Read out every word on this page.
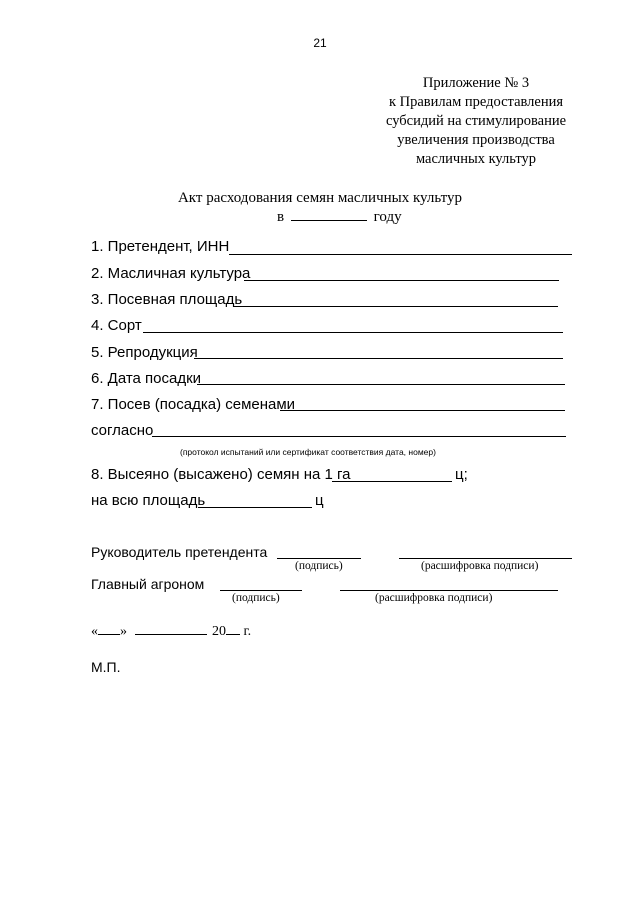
21
Приложение № 3
к Правилам предоставления
субсидий на стимулирование
увеличения производства
масличных культур
Акт расходования семян масличных культур
в	году
1. Претендент, ИНН
2. Масличная культура
3. Посевная площадь
4. Сорт
5. Репродукция
6. Дата посадки
7. Посев (посадка) семенами
согласно
(протокол испытаний или сертификат соответствия дата, номер)
8. Высеяно (высажено) семян на 1 га	ц;
на всю площадь	ц
Руководитель претендента
(подпись)	(расшифровка подписи)
Главный агроном
(подпись)	(расшифровка подписи)
« »	20 г.
М.П.
